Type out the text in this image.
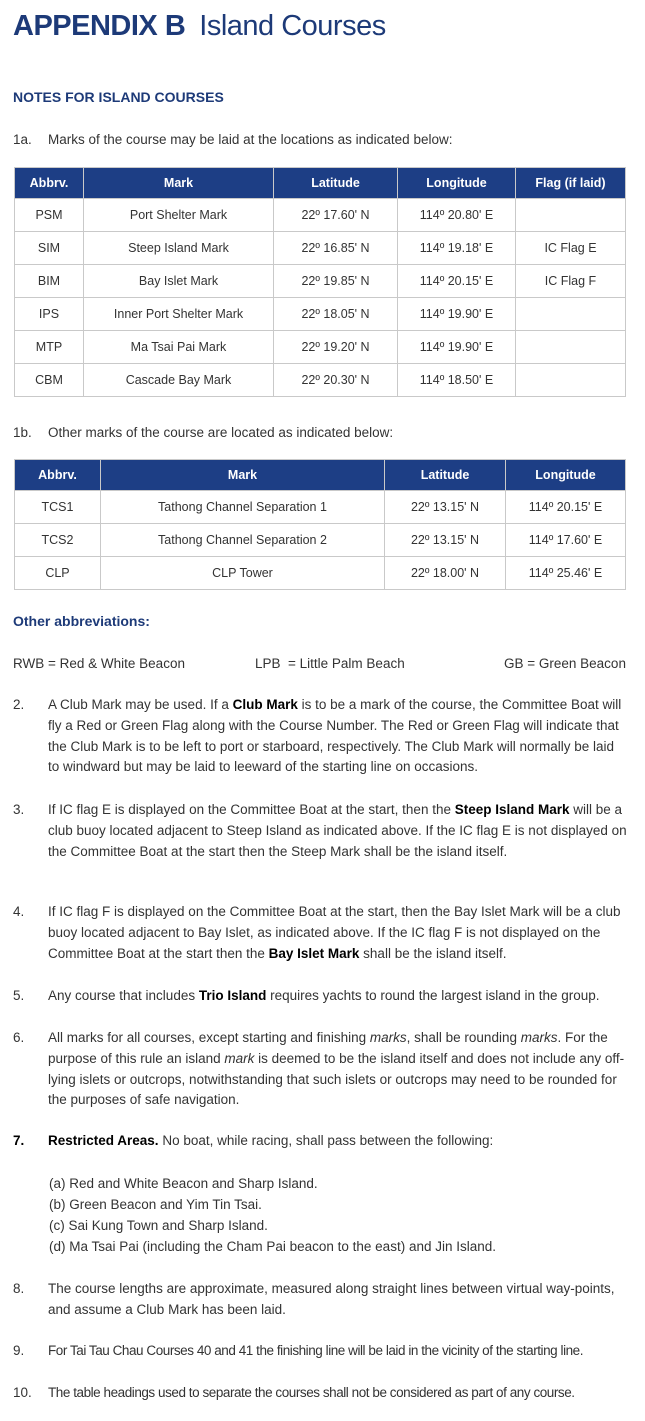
APPENDIX B Island Courses
NOTES FOR ISLAND COURSES
1a. Marks of the course may be laid at the locations as indicated below:
Abbrv.	Mark	Latitude	Longitude	Flag (if laid)
PSM	Port Shelter Mark	22º 17.60' N	114º 20.80' E	
SIM	Steep Island Mark	22º 16.85' N	114º 19.18' E	IC Flag E
BIM	Bay Islet Mark	22º 19.85' N	114º 20.15' E	IC Flag F
IPS	Inner Port Shelter Mark	22º 18.05' N	114º 19.90' E	
MTP	Ma Tsai Pai Mark	22º 19.20' N	114º 19.90' E	
CBM	Cascade Bay Mark	22º 20.30' N	114º 18.50' E	
1b. Other marks of the course are located as indicated below:
Abbrv.	Mark	Latitude	Longitude
TCS1	Tathong Channel Separation 1	22º 13.15' N	114º 20.15' E
TCS2	Tathong Channel Separation 2	22º 13.15' N	114º 17.60' E
CLP	CLP Tower	22º 18.00' N	114º 25.46' E
Other abbreviations:
RWB = Red & White Beacon	LPB  = Little Palm Beach	GB = Green Beacon
2. A Club Mark may be used. If a Club Mark is to be a mark of the course, the Committee Boat will fly a Red or Green Flag along with the Course Number. The Red or Green Flag will indicate that the Club Mark is to be left to port or starboard, respectively. The Club Mark will normally be laid to windward but may be laid to leeward of the starting line on occasions.
3. If IC flag E is displayed on the Committee Boat at the start, then the Steep Island Mark will be a club buoy located adjacent to Steep Island as indicated above. If the IC flag E is not displayed on the Committee Boat at the start then the Steep Mark shall be the island itself.
4. If IC flag F is displayed on the Committee Boat at the start, then the Bay Islet Mark will be a club buoy located adjacent to Bay Islet, as indicated above. If the IC flag F is not displayed on the Committee Boat at the start then the Bay Islet Mark shall be the island itself.
5. Any course that includes Trio Island requires yachts to round the largest island in the group.
6. All marks for all courses, except starting and finishing marks, shall be rounding marks. For the purpose of this rule an island mark is deemed to be the island itself and does not include any off-lying islets or outcrops, notwithstanding that such islets or outcrops may need to be rounded for the purposes of safe navigation.
7. Restricted Areas. No boat, while racing, shall pass between the following:
(a) Red and White Beacon and Sharp Island.
(b) Green Beacon and Yim Tin Tsai.
(c) Sai Kung Town and Sharp Island.
(d) Ma Tsai Pai (including the Cham Pai beacon to the east) and Jin Island.
8. The course lengths are approximate, measured along straight lines between virtual way-points, and assume a Club Mark has been laid.
9. For Tai Tau Chau Courses 40 and 41 the finishing line will be laid in the vicinity of the starting line.
10. The table headings used to separate the courses shall not be considered as part of any course.
